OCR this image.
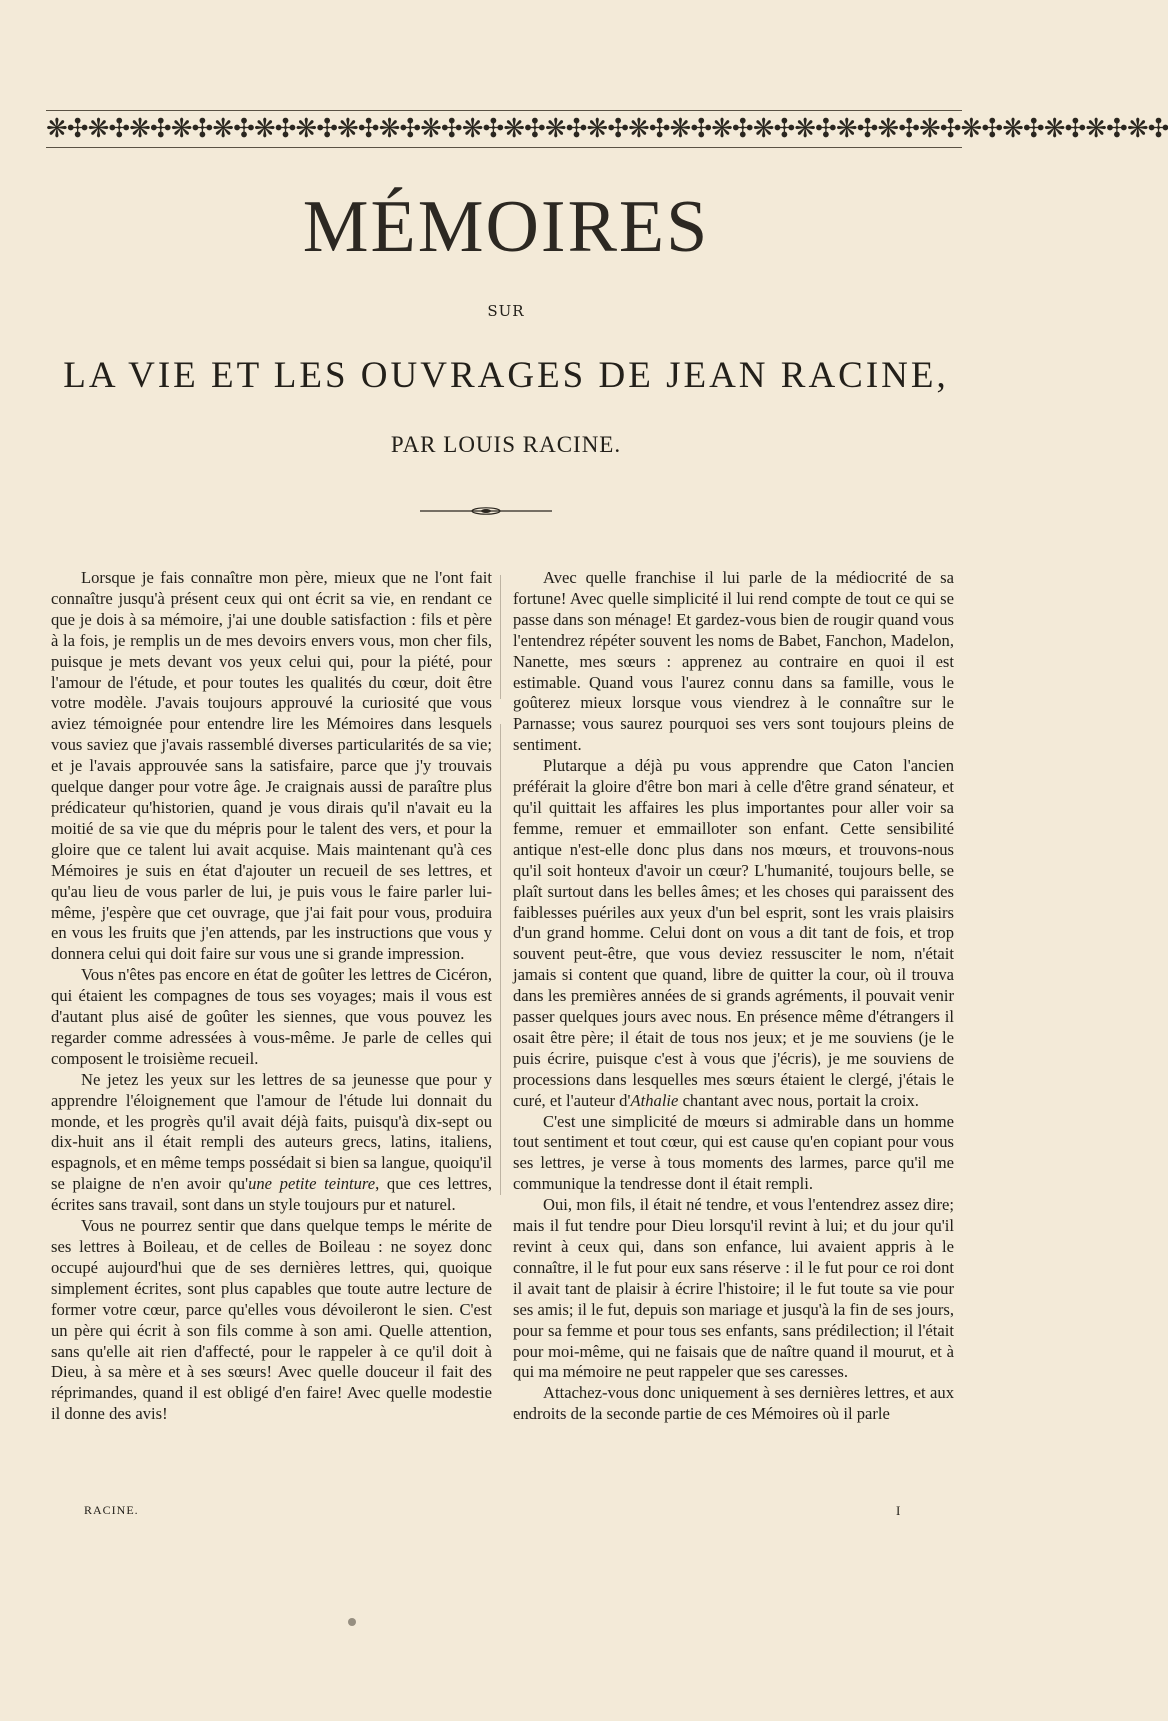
❋✣❋✣❋✣❋✣❋✣❋✣❋✣❋✣❋✣❋✣❋✣❋✣❋✣❋✣❋✣❋✣❋✣❋✣❋✣❋✣❋✣❋✣❋✣❋✣❋✣❋✣❋✣
MÉMOIRES
SUR
LA VIE ET LES OUVRAGES DE JEAN RACINE,
PAR LOUIS RACINE.

Lorsque je fais connaître mon père, mieux que ne l'ont fait connaître jusqu'à présent ceux qui ont écrit sa vie, en rendant ce que je dois à sa mémoire, j'ai une double satisfaction : fils et père à la fois, je remplis un de mes devoirs envers vous, mon cher fils, puisque je mets devant vos yeux celui qui, pour la piété, pour l'amour de l'étude, et pour toutes les qualités du cœur, doit être votre modèle. J'avais toujours approuvé la curiosité que vous aviez témoignée pour entendre lire les Mémoires dans lesquels vous saviez que j'avais rassemblé diverses particularités de sa vie; et je l'avais approuvée sans la satisfaire, parce que j'y trouvais quelque danger pour votre âge. Je craignais aussi de paraître plus prédicateur qu'historien, quand je vous dirais qu'il n'avait eu la moitié de sa vie que du mépris pour le talent des vers, et pour la gloire que ce talent lui avait acquise. Mais maintenant qu'à ces Mémoires je suis en état d'ajouter un recueil de ses lettres, et qu'au lieu de vous parler de lui, je puis vous le faire parler lui-même, j'espère que cet ouvrage, que j'ai fait pour vous, produira en vous les fruits que j'en attends, par les instructions que vous y donnera celui qui doit faire sur vous une si grande impression.

Vous n'êtes pas encore en état de goûter les lettres de Cicéron, qui étaient les compagnes de tous ses voyages; mais il vous est d'autant plus aisé de goûter les siennes, que vous pouvez les regarder comme adressées à vous-même. Je parle de celles qui composent le troisième recueil.

Ne jetez les yeux sur les lettres de sa jeunesse que pour y apprendre l'éloignement que l'amour de l'étude lui donnait du monde, et les progrès qu'il avait déjà faits, puisqu'à dix-sept ou dix-huit ans il était rempli des auteurs grecs, latins, italiens, espagnols, et en même temps possédait si bien sa langue, quoiqu'il se plaigne de n'en avoir qu'une petite teinture, que ces lettres, écrites sans travail, sont dans un style toujours pur et naturel.

Vous ne pourrez sentir que dans quelque temps le mérite de ses lettres à Boileau, et de celles de Boileau : ne soyez donc occupé aujourd'hui que de ses dernières lettres, qui, quoique simplement écrites, sont plus capables que toute autre lecture de former votre cœur, parce qu'elles vous dévoileront le sien. C'est un père qui écrit à son fils comme à son ami. Quelle attention, sans qu'elle ait rien d'affecté, pour le rappeler à ce qu'il doit à Dieu, à sa mère et à ses sœurs! Avec quelle douceur il fait des réprimandes, quand il est obligé d'en faire! Avec quelle modestie il donne des avis!

Avec quelle franchise il lui parle de la médiocrité de sa fortune! Avec quelle simplicité il lui rend compte de tout ce qui se passe dans son ménage! Et gardez-vous bien de rougir quand vous l'entendrez répéter souvent les noms de Babet, Fanchon, Madelon, Nanette, mes sœurs : apprenez au contraire en quoi il est estimable. Quand vous l'aurez connu dans sa famille, vous le goûterez mieux lorsque vous viendrez à le connaître sur le Parnasse; vous saurez pourquoi ses vers sont toujours pleins de sentiment.

Plutarque a déjà pu vous apprendre que Caton l'ancien préférait la gloire d'être bon mari à celle d'être grand sénateur, et qu'il quittait les affaires les plus importantes pour aller voir sa femme, remuer et emmailloter son enfant. Cette sensibilité antique n'est-elle donc plus dans nos mœurs, et trouvons-nous qu'il soit honteux d'avoir un cœur? L'humanité, toujours belle, se plaît surtout dans les belles âmes; et les choses qui paraissent des faiblesses puériles aux yeux d'un bel esprit, sont les vrais plaisirs d'un grand homme. Celui dont on vous a dit tant de fois, et trop souvent peut-être, que vous deviez ressusciter le nom, n'était jamais si content que quand, libre de quitter la cour, où il trouva dans les premières années de si grands agréments, il pouvait venir passer quelques jours avec nous. En présence même d'étrangers il osait être père; il était de tous nos jeux; et je me souviens (je le puis écrire, puisque c'est à vous que j'écris), je me souviens de processions dans lesquelles mes sœurs étaient le clergé, j'étais le curé, et l'auteur d'Athalie chantant avec nous, portait la croix.

C'est une simplicité de mœurs si admirable dans un homme tout sentiment et tout cœur, qui est cause qu'en copiant pour vous ses lettres, je verse à tous moments des larmes, parce qu'il me communique la tendresse dont il était rempli.

Oui, mon fils, il était né tendre, et vous l'entendrez assez dire; mais il fut tendre pour Dieu lorsqu'il revint à lui; et du jour qu'il revint à ceux qui, dans son enfance, lui avaient appris à le connaître, il le fut pour eux sans réserve : il le fut pour ce roi dont il avait tant de plaisir à écrire l'histoire; il le fut toute sa vie pour ses amis; il le fut, depuis son mariage et jusqu'à la fin de ses jours, pour sa femme et pour tous ses enfants, sans prédilection; il l'était pour moi-même, qui ne faisais que de naître quand il mourut, et à qui ma mémoire ne peut rappeler que ses caresses.

Attachez-vous donc uniquement à ses dernières lettres, et aux endroits de la seconde partie de ces Mémoires où il parle

RACINE.	I
